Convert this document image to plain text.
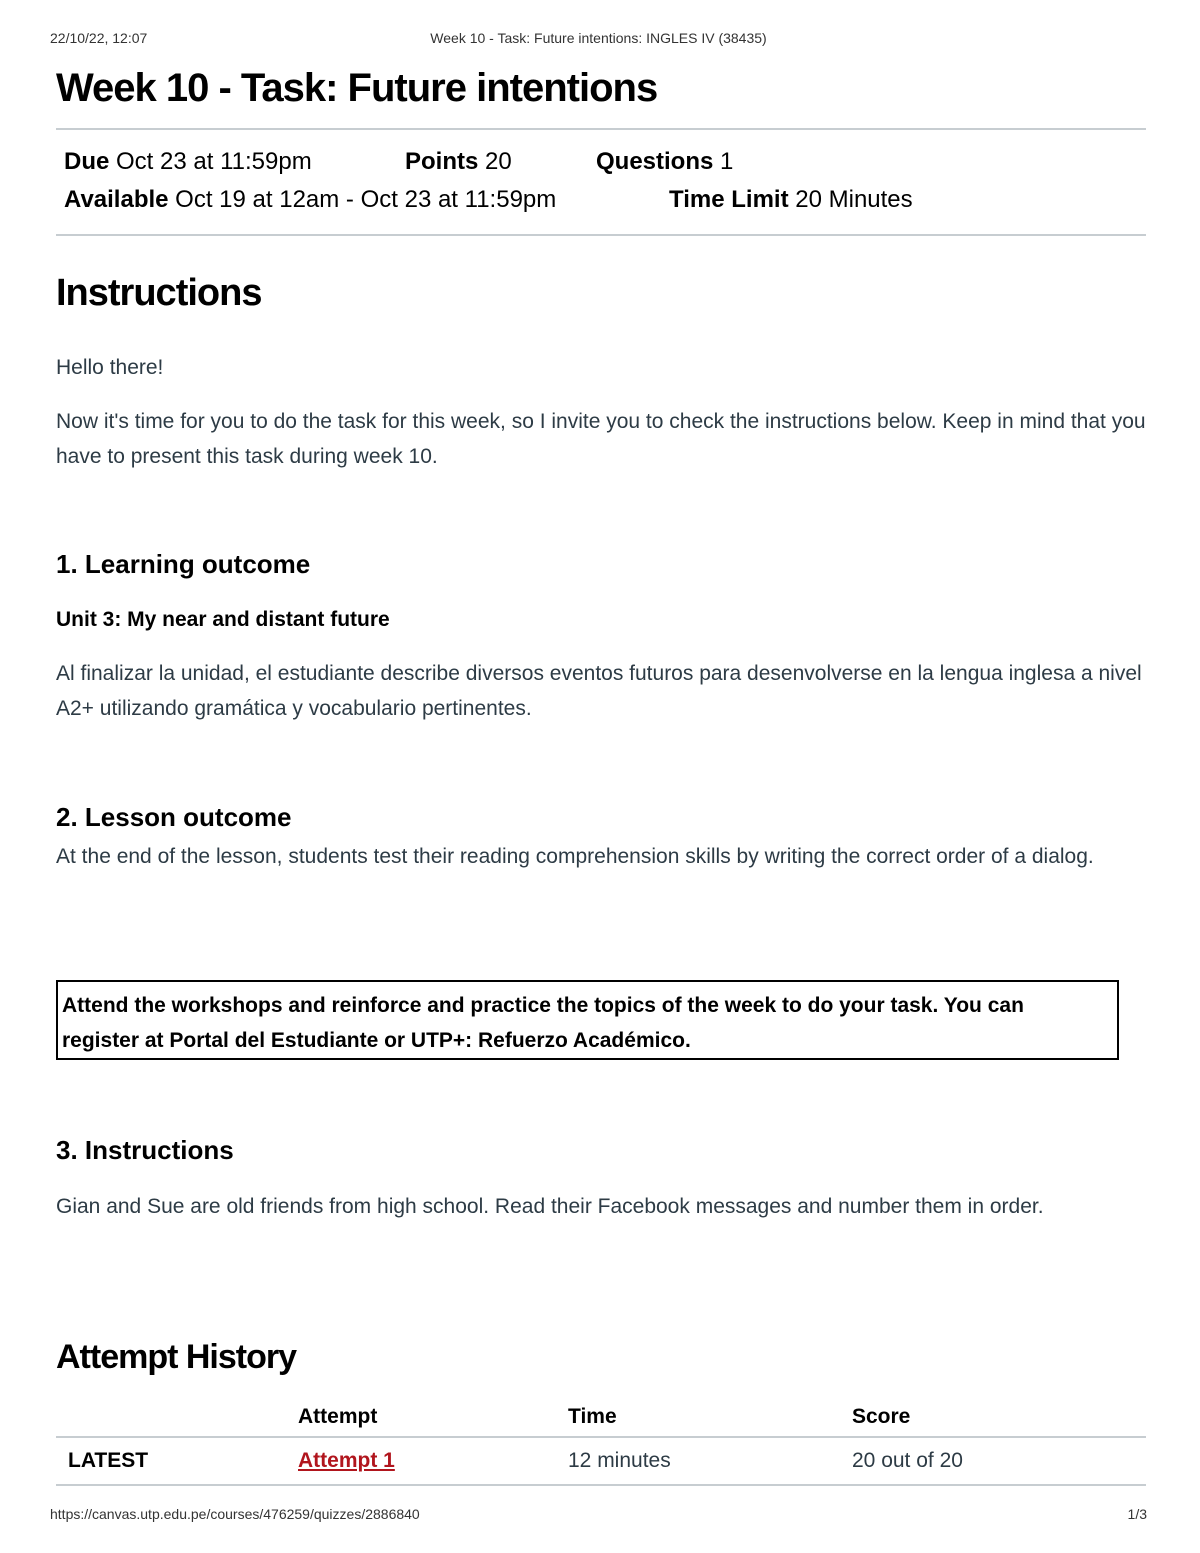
22/10/22, 12:07	Week 10 - Task: Future intentions: INGLES IV (38435)
Week 10 - Task: Future intentions
Due Oct 23 at 11:59pm	Points 20	Questions 1
Available Oct 19 at 12am - Oct 23 at 11:59pm	Time Limit 20 Minutes
Instructions

Hello there!

Now it's time for you to do the task for this week, so I invite you to check the instructions below. Keep in mind that you have to present this task during week 10.

1. Learning outcome
Unit 3: My near and distant future

Al finalizar la unidad, el estudiante describe diversos eventos futuros para desenvolverse en la lengua inglesa a nivel A2+ utilizando gramática y vocabulario pertinentes.

2. Lesson outcome

At the end of the lesson, students test their reading comprehension skills by writing the correct order of a dialog.

Attend the workshops and reinforce and practice the topics of the week to do your task. You can register at Portal del Estudiante or UTP+: Refuerzo Académico.

3. Instructions

Gian and Sue are old friends from high school. Read their Facebook messages and number them in order.

Attempt History
	Attempt	Time	Score
LATEST	Attempt 1	12 minutes	20 out of 20
https://canvas.utp.edu.pe/courses/476259/quizzes/2886840	1/3
